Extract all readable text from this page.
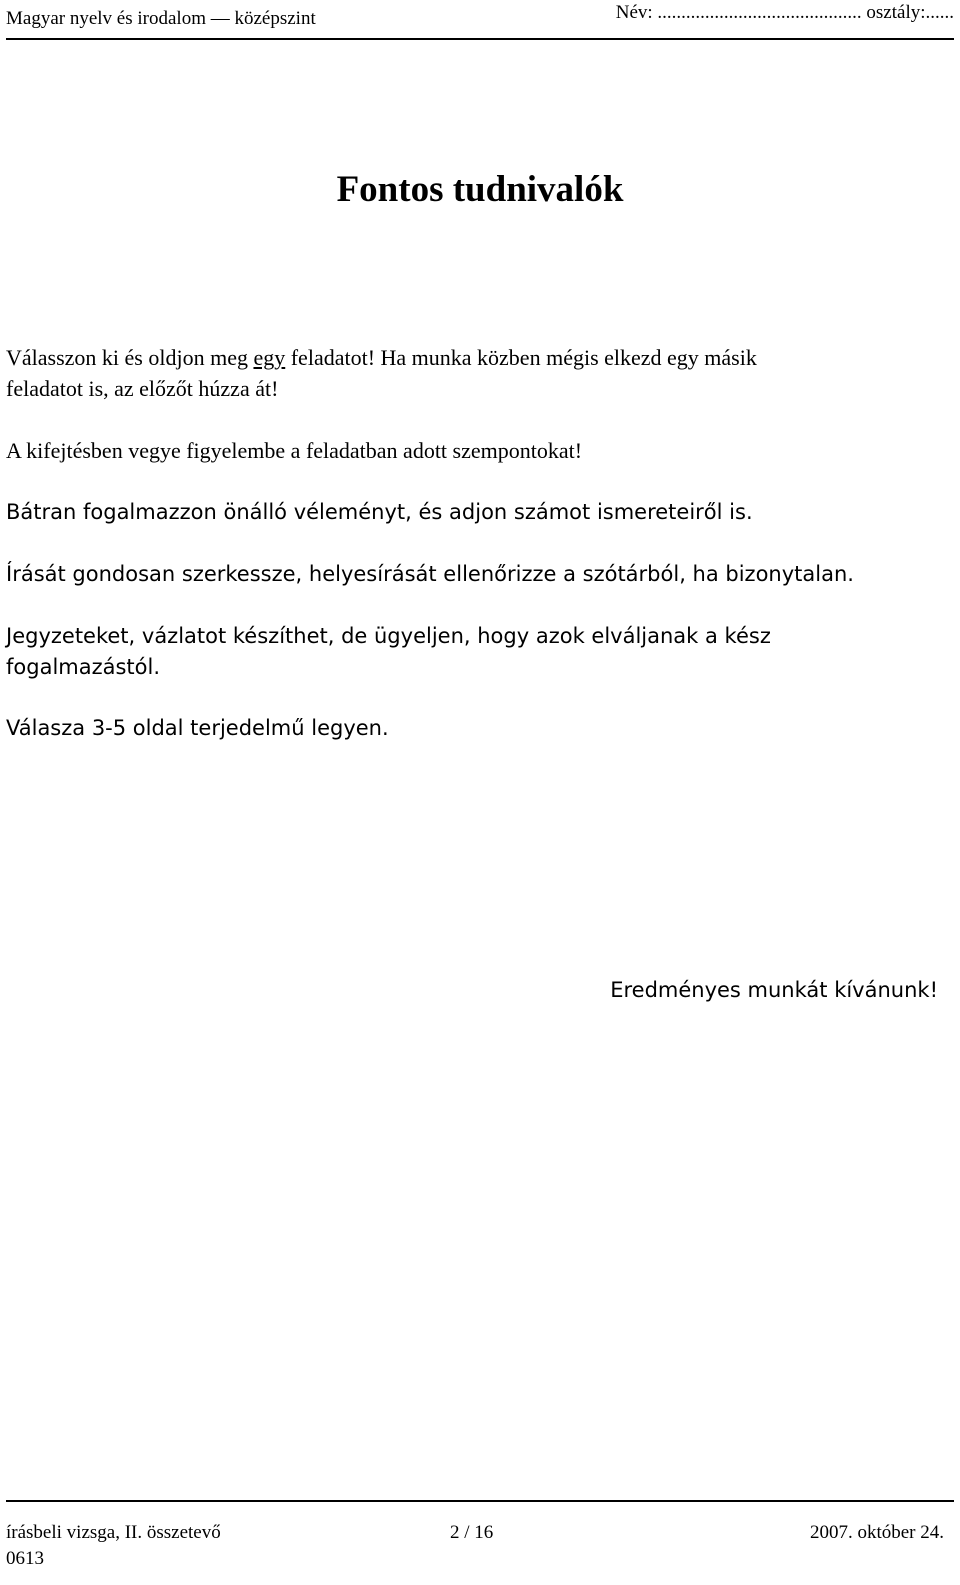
Magyar nyelv és irodalom — középszint	Név: ........................................... osztály:......
Fontos tudnivalók
Válasszon ki és oldjon meg egy feladatot! Ha munka közben mégis elkezd egy másik
feladatot is, az előzőt húzza át!
A kifejtésben vegye figyelembe a feladatban adott szempontokat!
Bátran fogalmazzon önálló véleményt, és adjon számot ismereteiről is.
Írását gondosan szerkessze, helyesírását ellenőrizze a szótárból, ha bizonytalan.
Jegyzeteket, vázlatot készíthet, de ügyeljen, hogy azok elváljanak a kész
fogalmazástól.
Válasza 3-5 oldal terjedelmű legyen.
Eredményes munkát kívánunk!
írásbeli vizsga, II. összetevő	2 / 16	2007. október 24.
0613
